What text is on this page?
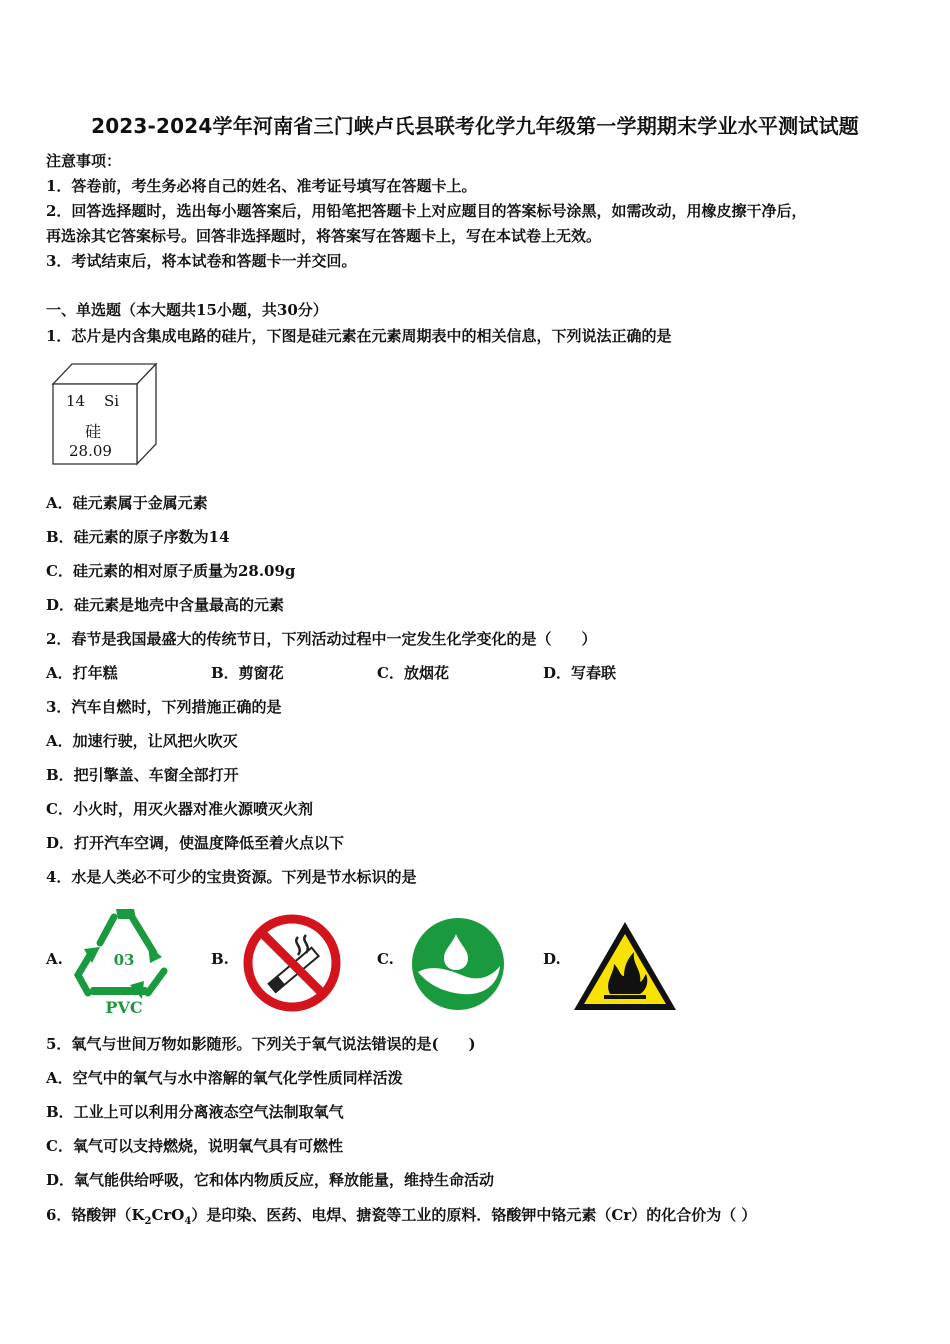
2023-2024学年河南省三门峡卢氏县联考化学九年级第一学期期末学业水平测试试题
注意事项：
1．答卷前，考生务必将自己的姓名、准考证号填写在答题卡上。
2．回答选择题时，选出每小题答案后，用铅笔把答题卡上对应题目的答案标号涂黑，如需改动，用橡皮擦干净后，
再选涂其它答案标号。回答非选择题时，将答案写在答题卡上，写在本试卷上无效。
3．考试结束后，将本试卷和答题卡一并交回。
一、单选题（本大题共15小题，共30分）
1．芯片是内含集成电路的硅片，下图是硅元素在元素周期表中的相关信息，下列说法正确的是
14 Si
硅
28.09
A．硅元素属于金属元素
B．硅元素的原子序数为14
C．硅元素的相对原子质量为28.09g
D．硅元素是地壳中含量最高的元素
2．春节是我国最盛大的传统节日，下列活动过程中一定发生化学变化的是（　　）
A．打年糕	B．剪窗花	C．放烟花	D．写春联
3．汽车自燃时，下列措施正确的是
A．加速行驶，让风把火吹灭
B．把引擎盖、车窗全部打开
C．小火时，用灭火器对准火源喷灭火剂
D．打开汽车空调，使温度降低至着火点以下
4．水是人类必不可少的宝贵资源。下列是节水标识的是
A.	03
PVC
B.	C.	D.
5．氧气与世间万物如影随形。下列关于氧气说法错误的是(　　)
A．空气中的氧气与水中溶解的氧气化学性质同样活泼
B．工业上可以利用分离液态空气法制取氧气
C．氧气可以支持燃烧，说明氧气具有可燃性
D．氧气能供给呼吸，它和体内物质反应，释放能量，维持生命活动
6．铬酸钾$(K_2CrO_4)$是印染、医药、电焊、搪瓷等工业的原料．铬酸钾中铬元素（Cr）的化合价为（ ）
